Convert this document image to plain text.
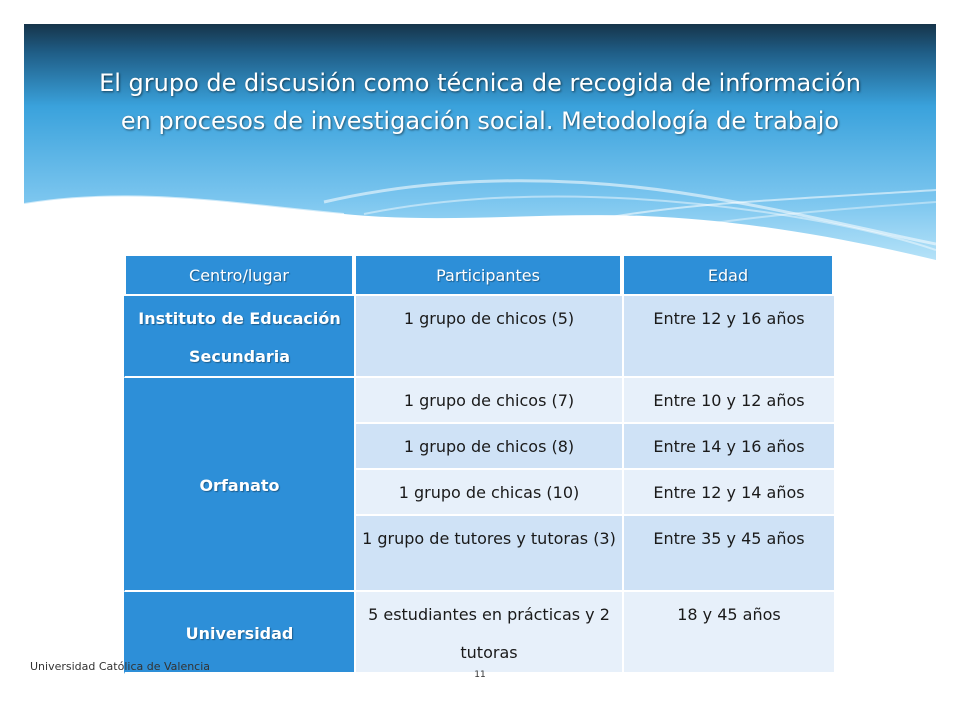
El grupo de discusión como técnica de recogida de información
en procesos de investigación social. Metodología de trabajo
Centro/lugar	Participantes	Edad
Instituto de Educación Secundaria	1 grupo de chicos (5)	Entre 12 y 16 años
Orfanato	1 grupo de chicos (7)	Entre 10 y 12 años
	1 grupo de chicos (8)	Entre 14 y 16 años
	1 grupo de chicas (10)	Entre 12 y 14 años
	1 grupo de tutores y tutoras (3)	Entre 35 y 45 años
Universidad	5 estudiantes en prácticas y 2 tutoras	18 y 45 años
Universidad Católica de Valencia
11
